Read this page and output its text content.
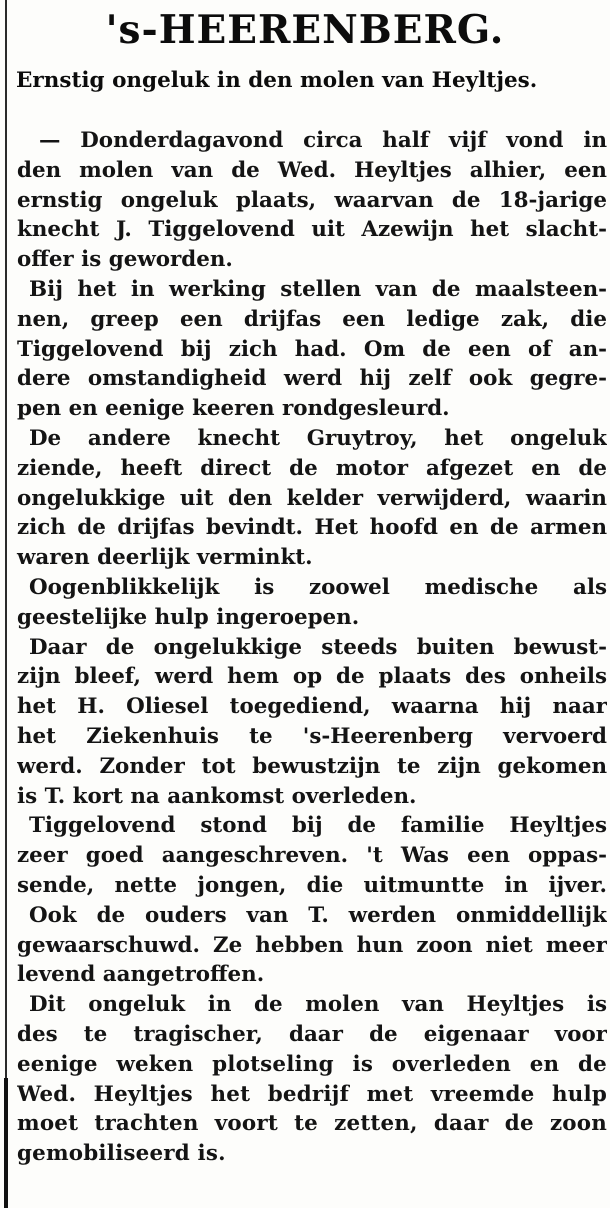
's-HEERENBERG.
Ernstig ongeluk in den molen van Heyltjes.
— Donderdagavond circa half vijf vond in
den molen van de Wed. Heyltjes alhier, een
ernstig ongeluk plaats, waarvan de 18-jarige
knecht J. Tiggelovend uit Azewijn het slacht-
offer is geworden.
Bij het in werking stellen van de maalsteen-
nen, greep een drijfas een ledige zak, die
Tiggelovend bij zich had. Om de een of an-
dere omstandigheid werd hij zelf ook gegre-
pen en eenige keeren rondgesleurd.
De andere knecht Gruytroy, het ongeluk
ziende, heeft direct de motor afgezet en de
ongelukkige uit den kelder verwijderd, waarin
zich de drijfas bevindt. Het hoofd en de armen
waren deerlijk verminkt.
Oogenblikkelijk is zoowel medische als
geestelijke hulp ingeroepen.
Daar de ongelukkige steeds buiten bewust-
zijn bleef, werd hem op de plaats des onheils
het H. Oliesel toegediend, waarna hij naar
het Ziekenhuis te 's-Heerenberg vervoerd
werd. Zonder tot bewustzijn te zijn gekomen
is T. kort na aankomst overleden.
Tiggelovend stond bij de familie Heyltjes
zeer goed aangeschreven. 't Was een oppas-
sende, nette jongen, die uitmuntte in ijver.
Ook de ouders van T. werden onmiddellijk
gewaarschuwd. Ze hebben hun zoon niet meer
levend aangetroffen.
Dit ongeluk in de molen van Heyltjes is
des te tragischer, daar de eigenaar voor
eenige weken plotseling is overleden en de
Wed. Heyltjes het bedrijf met vreemde hulp
moet trachten voort te zetten, daar de zoon
gemobiliseerd is.
